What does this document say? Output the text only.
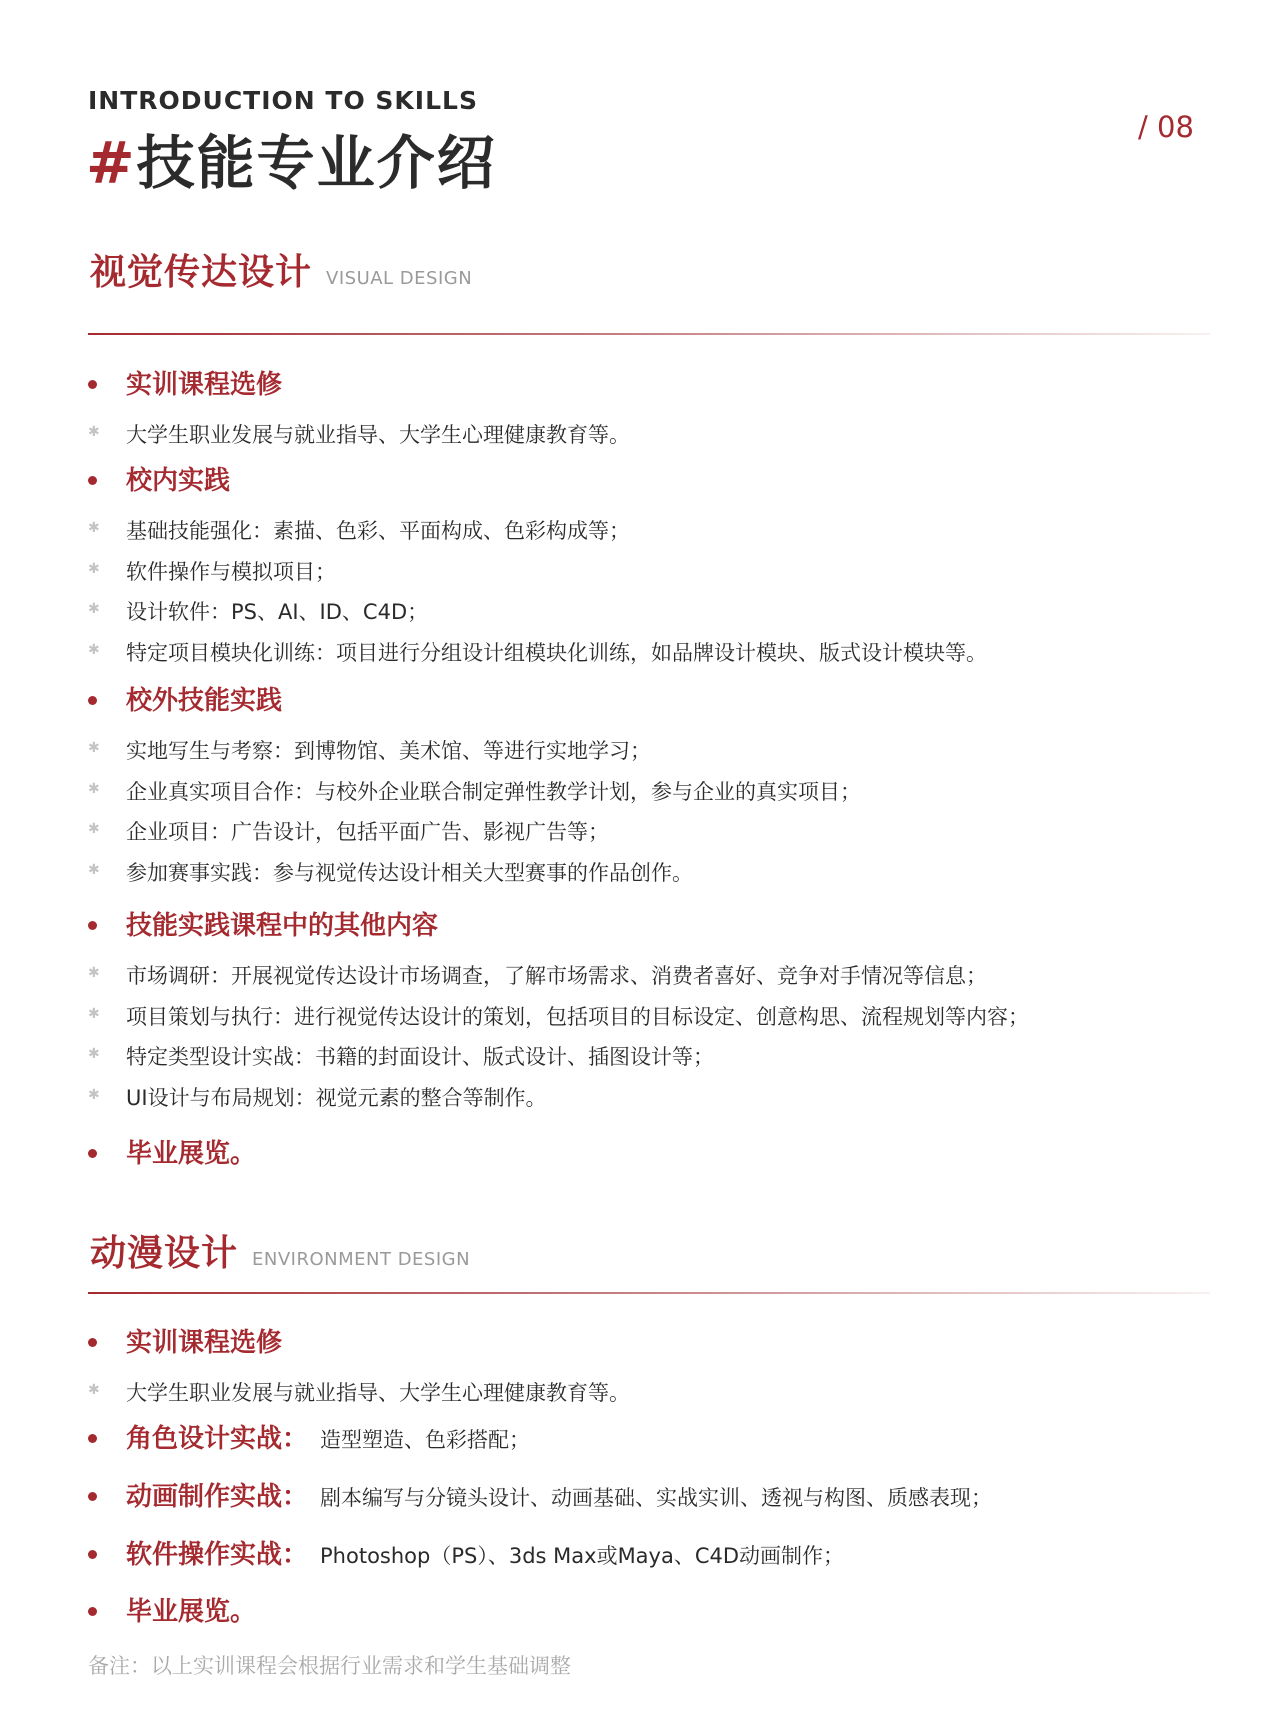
INTRODUCTION TO SKILLS
#技能专业介绍
/ 08
视觉传达设计 VISUAL DESIGN
实训课程选修
✱ 大学生职业发展与就业指导、大学生心理健康教育等。
校内实践
✱ 基础技能强化：素描、色彩、平面构成、色彩构成等；
✱ 软件操作与模拟项目；
✱ 设计软件：PS、AI、ID、C4D；
✱ 特定项目模块化训练：项目进行分组设计组模块化训练，如品牌设计模块、版式设计模块等。
校外技能实践
✱ 实地写生与考察：到博物馆、美术馆、等进行实地学习；
✱ 企业真实项目合作：与校外企业联合制定弹性教学计划，参与企业的真实项目；
✱ 企业项目：广告设计，包括平面广告、影视广告等；
✱ 参加赛事实践：参与视觉传达设计相关大型赛事的作品创作。
技能实践课程中的其他内容
✱ 市场调研：开展视觉传达设计市场调查，了解市场需求、消费者喜好、竞争对手情况等信息；
✱ 项目策划与执行：进行视觉传达设计的策划，包括项目的目标设定、创意构思、流程规划等内容；
✱ 特定类型设计实战：书籍的封面设计、版式设计、插图设计等；
✱ UI设计与布局规划：视觉元素的整合等制作。
毕业展览。
动漫设计 ENVIRONMENT DESIGN
实训课程选修
✱ 大学生职业发展与就业指导、大学生心理健康教育等。
角色设计实战： 造型塑造、色彩搭配；
动画制作实战： 剧本编写与分镜头设计、动画基础、实战实训、透视与构图、质感表现；
软件操作实战： Photoshop（PS）、3ds Max或Maya、C4D动画制作；
毕业展览。
备注：以上实训课程会根据行业需求和学生基础调整
